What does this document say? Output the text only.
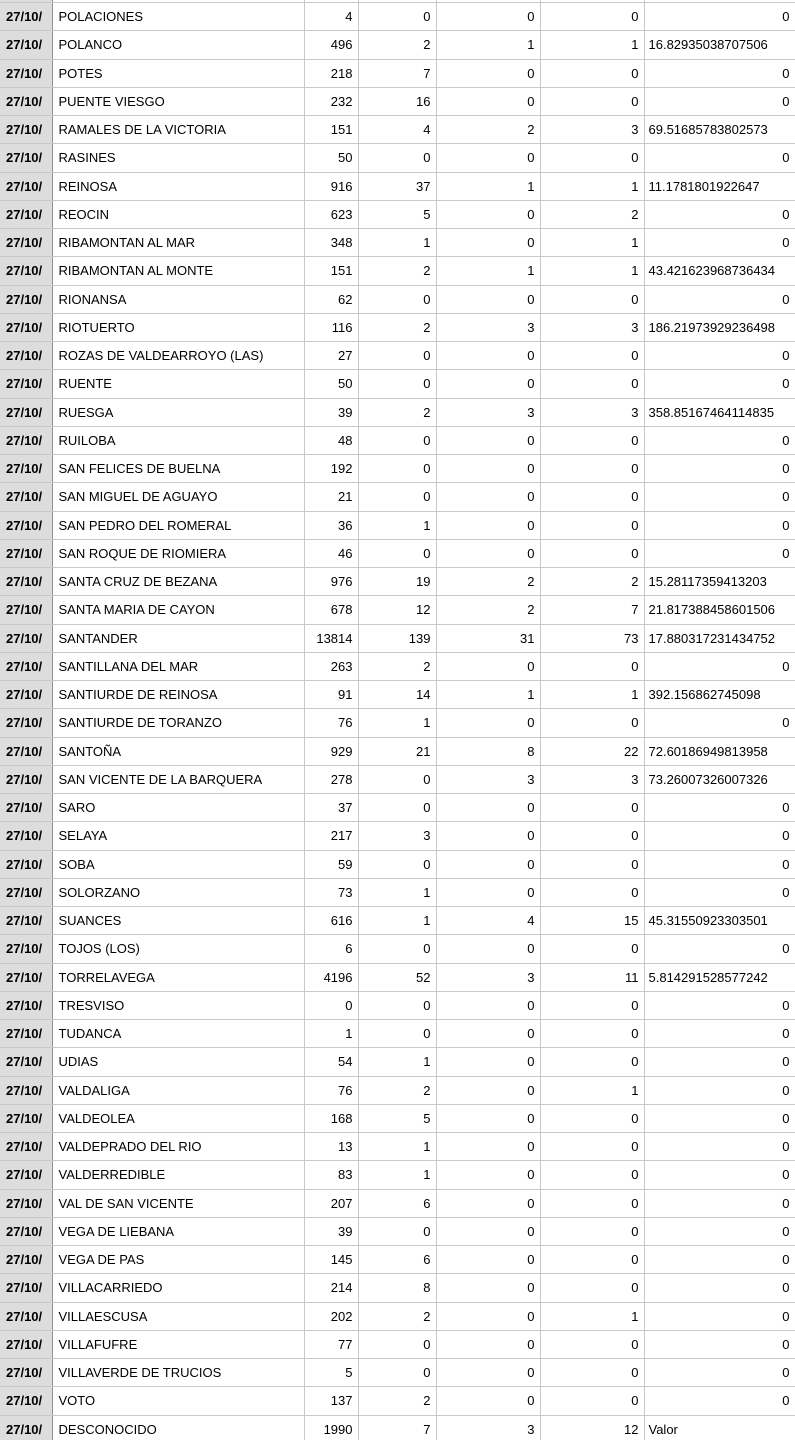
27/10/	POLACIONES	4	0	0	0	0
27/10/	POLANCO	496	2	1	1	16.82935038707506
27/10/	POTES	218	7	0	0	0
27/10/	PUENTE VIESGO	232	16	0	0	0
27/10/	RAMALES DE LA VICTORIA	151	4	2	3	69.51685783802573
27/10/	RASINES	50	0	0	0	0
27/10/	REINOSA	916	37	1	1	11.1781801922647
27/10/	REOCIN	623	5	0	2	0
27/10/	RIBAMONTAN AL MAR	348	1	0	1	0
27/10/	RIBAMONTAN AL MONTE	151	2	1	1	43.421623968736434
27/10/	RIONANSA	62	0	0	0	0
27/10/	RIOTUERTO	116	2	3	3	186.21973929236498
27/10/	ROZAS DE VALDEARROYO (LAS)	27	0	0	0	0
27/10/	RUENTE	50	0	0	0	0
27/10/	RUESGA	39	2	3	3	358.85167464114835
27/10/	RUILOBA	48	0	0	0	0
27/10/	SAN FELICES DE BUELNA	192	0	0	0	0
27/10/	SAN MIGUEL DE AGUAYO	21	0	0	0	0
27/10/	SAN PEDRO DEL ROMERAL	36	1	0	0	0
27/10/	SAN ROQUE DE RIOMIERA	46	0	0	0	0
27/10/	SANTA CRUZ DE BEZANA	976	19	2	2	15.28117359413203
27/10/	SANTA MARIA DE CAYON	678	12	2	7	21.817388458601506
27/10/	SANTANDER	13814	139	31	73	17.880317231434752
27/10/	SANTILLANA DEL MAR	263	2	0	0	0
27/10/	SANTIURDE DE REINOSA	91	14	1	1	392.156862745098
27/10/	SANTIURDE DE TORANZO	76	1	0	0	0
27/10/	SANTOÑA	929	21	8	22	72.60186949813958
27/10/	SAN VICENTE DE LA BARQUERA	278	0	3	3	73.26007326007326
27/10/	SARO	37	0	0	0	0
27/10/	SELAYA	217	3	0	0	0
27/10/	SOBA	59	0	0	0	0
27/10/	SOLORZANO	73	1	0	0	0
27/10/	SUANCES	616	1	4	15	45.31550923303501
27/10/	TOJOS (LOS)	6	0	0	0	0
27/10/	TORRELAVEGA	4196	52	3	11	5.814291528577242
27/10/	TRESVISO	0	0	0	0	0
27/10/	TUDANCA	1	0	0	0	0
27/10/	UDIAS	54	1	0	0	0
27/10/	VALDALIGA	76	2	0	1	0
27/10/	VALDEOLEA	168	5	0	0	0
27/10/	VALDEPRADO DEL RIO	13	1	0	0	0
27/10/	VALDERREDIBLE	83	1	0	0	0
27/10/	VAL DE SAN VICENTE	207	6	0	0	0
27/10/	VEGA DE LIEBANA	39	0	0	0	0
27/10/	VEGA DE PAS	145	6	0	0	0
27/10/	VILLACARRIEDO	214	8	0	0	0
27/10/	VILLAESCUSA	202	2	0	1	0
27/10/	VILLAFUFRE	77	0	0	0	0
27/10/	VILLAVERDE DE TRUCIOS	5	0	0	0	0
27/10/	VOTO	137	2	0	0	0
27/10/	DESCONOCIDO	1990	7	3	12	Valor
